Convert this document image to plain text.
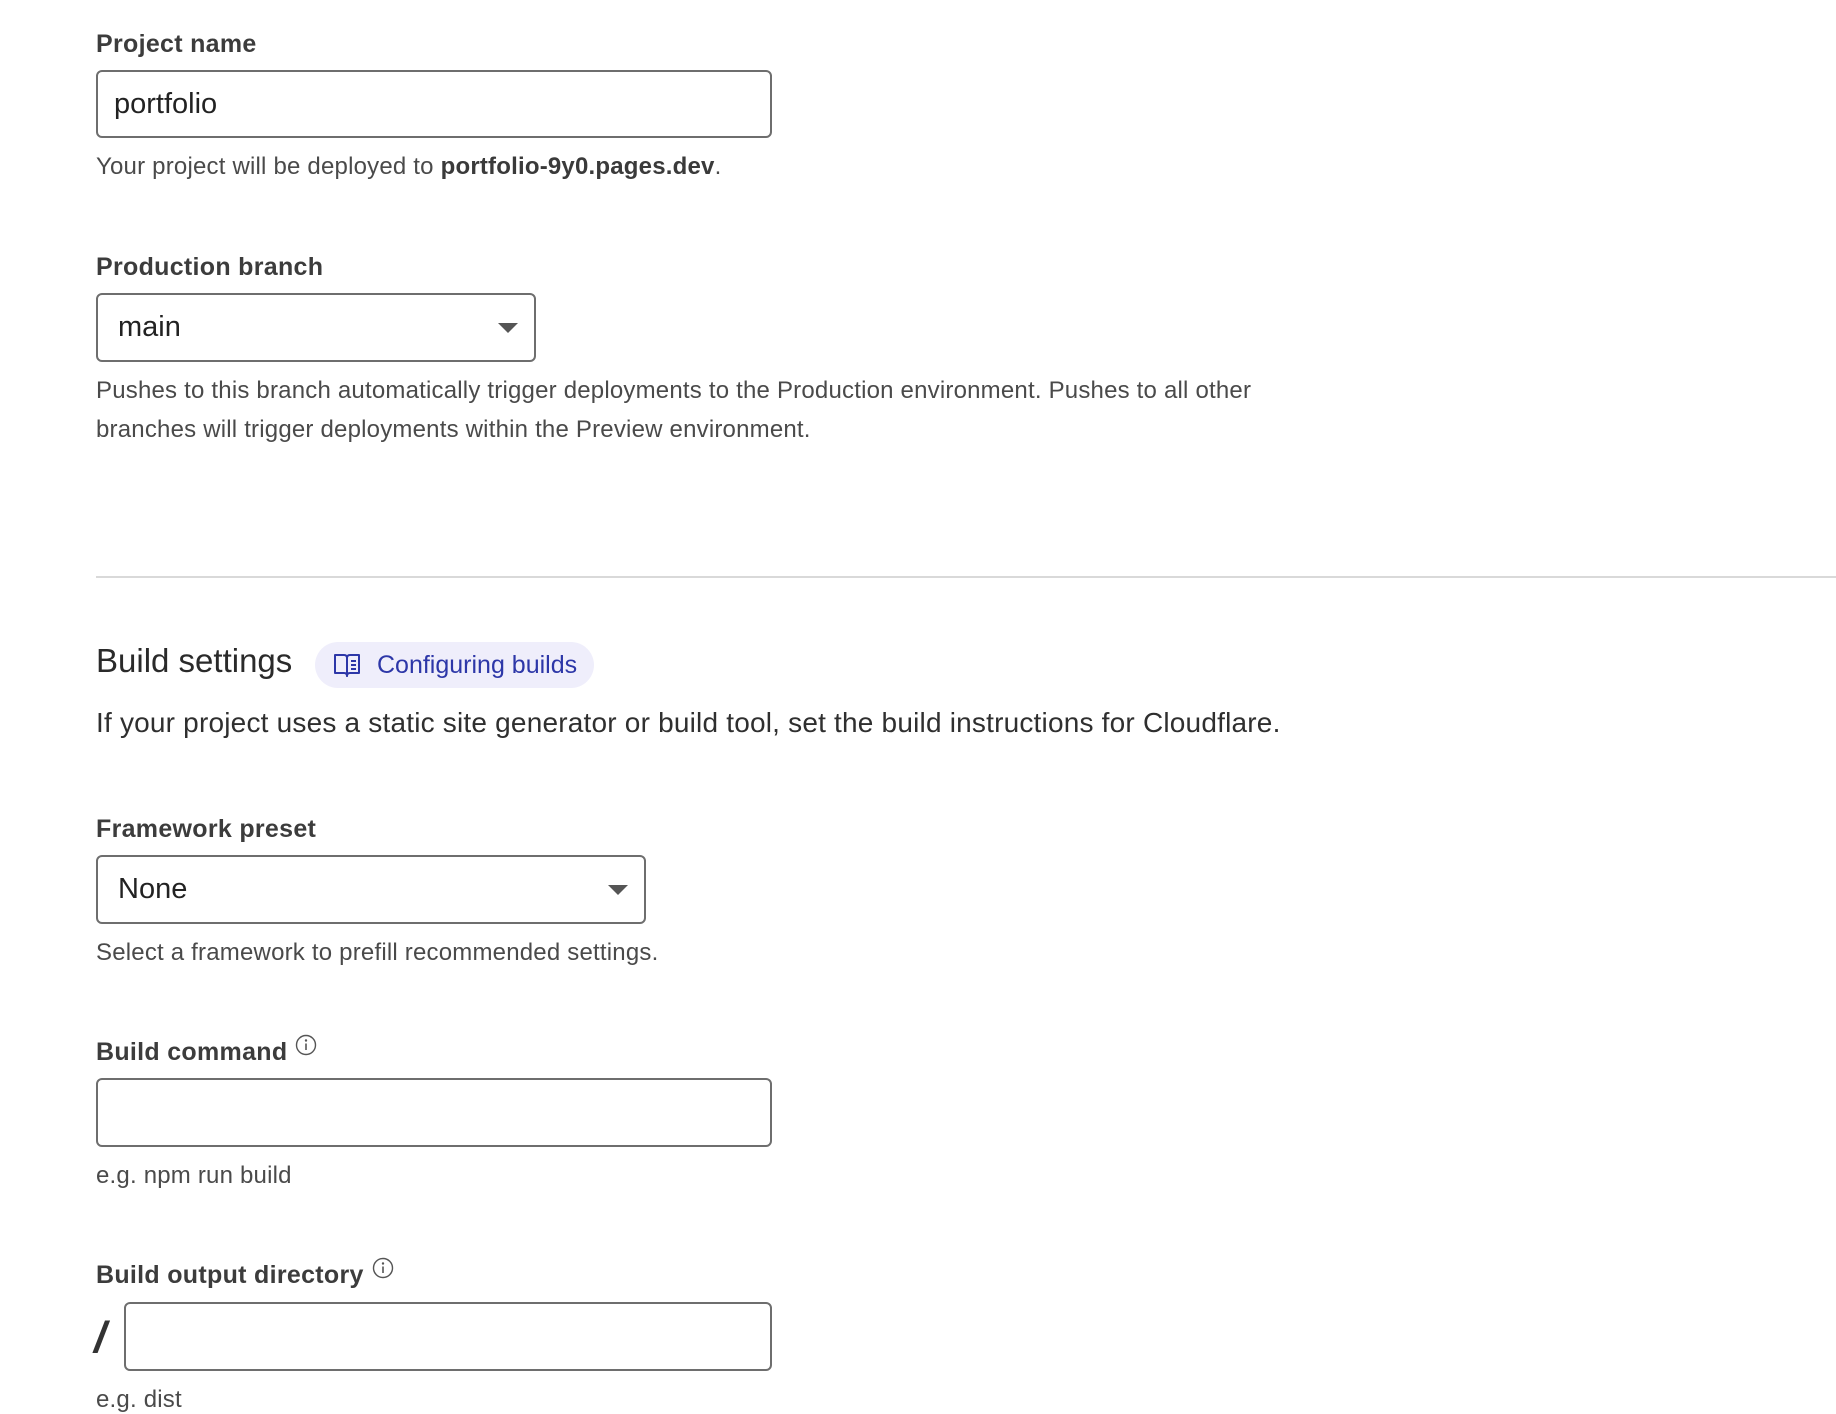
Project name
portfolio
Your project will be deployed to portfolio-9y0.pages.dev.
Production branch
main
Pushes to this branch automatically trigger deployments to the Production environment. Pushes to all other
branches will trigger deployments within the Preview environment.
Build settings	Configuring builds
If your project uses a static site generator or build tool, set the build instructions for Cloudflare.
Framework preset
None
Select a framework to prefill recommended settings.
Build command
e.g. npm run build
Build output directory
/
e.g. dist
